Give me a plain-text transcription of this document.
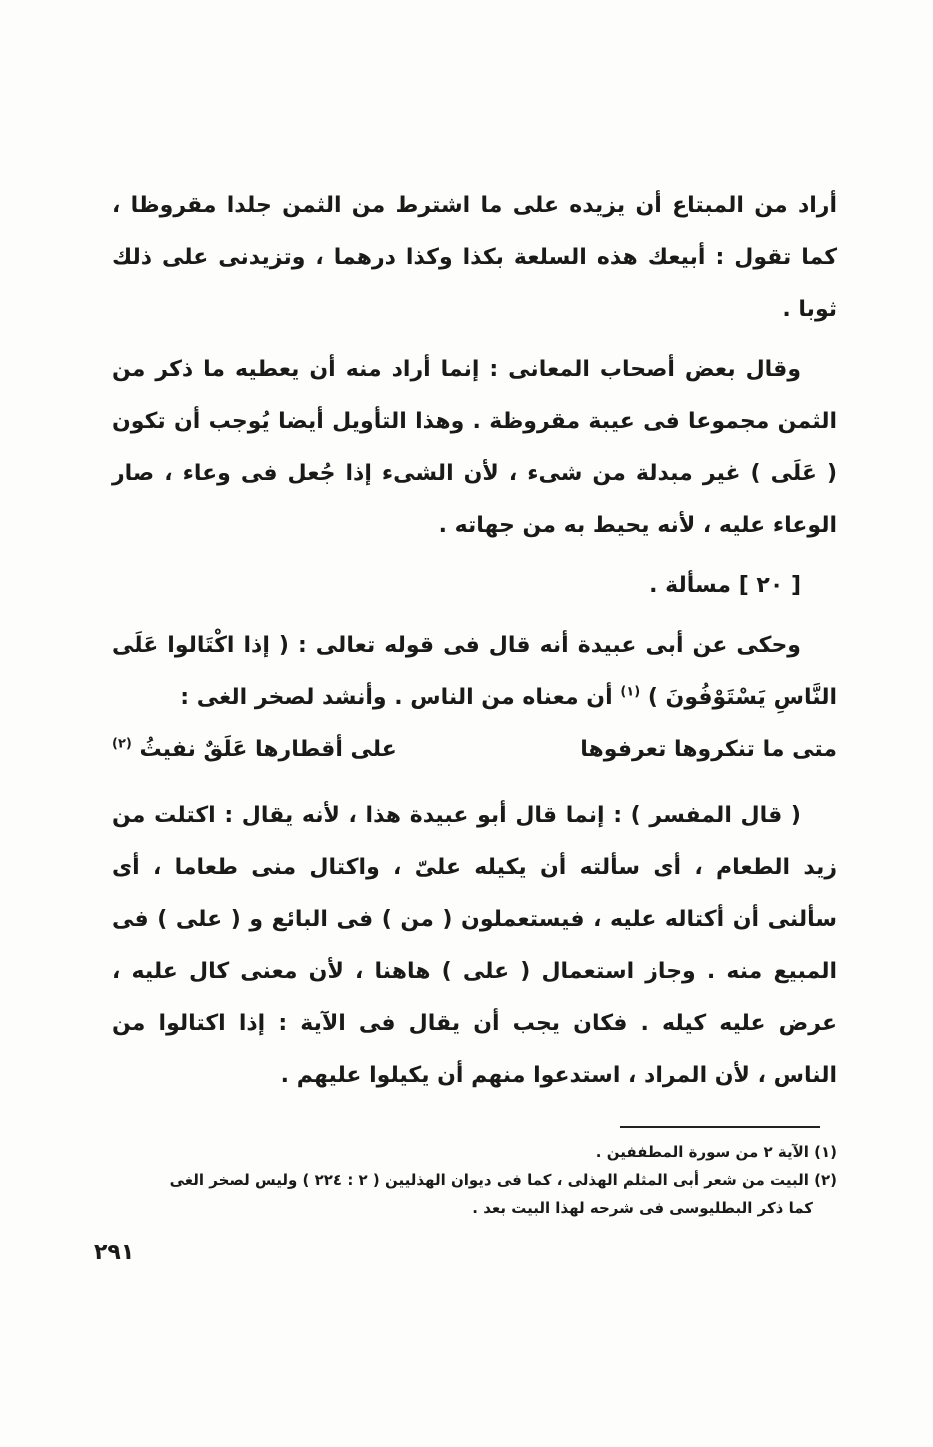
أراد من المبتاع أن يزيده على ما اشترط من الثمن جلدا مقروظا ، كما تقول : أبيعك هذه السلعة بكذا وكذا درهما ، وتزيدنى على ذلك ثوبا .

وقال بعض أصحاب المعانى : إنما أراد منه أن يعطيه ما ذكر من الثمن مجموعا فى عيبة مقروظة . وهذا التأويل أيضا يُوجب أن تكون ( عَلَى ) غير مبدلة من شىء ، لأن الشىء إذا جُعل فى وعاء ، صار الوعاء عليه ، لأنه يحيط به من جهاته .

[ ٢٠ ] مسألة .

وحكى عن أبى عبيدة أنه قال فى قوله تعالى : ( إذا اكْتَالوا عَلَى النَّاسِ يَسْتَوْفُونَ ) $^{(١)}$ أن معناه من الناس . وأنشد لصخر الغى :

متى ما تنكروها تعرفوها
على أقطارها عَلَقٌ نفيثُ $^{(٢)}$

( قال المفسر ) : إنما قال أبو عبيدة هذا ، لأنه يقال : اكتلت من زيد الطعام ، أى سألته أن يكيله علىّ ، واكتال منى طعاما ، أى سألنى أن أكتاله عليه ، فيستعملون ( من ) فى البائع و ( على ) فى المبيع منه . وجاز استعمال ( على ) هاهنا ، لأن معنى كال عليه ، عرض عليه كيله . فكان يجب أن يقال فى الآية : إذا اكتالوا من الناس ، لأن المراد ، استدعوا منهم أن يكيلوا عليهم .

(١) الآية ٢ من سورة المطففين .

(٢) البيت من شعر أبى المثلم الهذلى ، كما فى ديوان الهذليين ( ٢ : ٢٢٤ ) وليس لصخر الغى

كما ذكر البطليوسى فى شرحه لهذا البيت بعد .

٢٩١
